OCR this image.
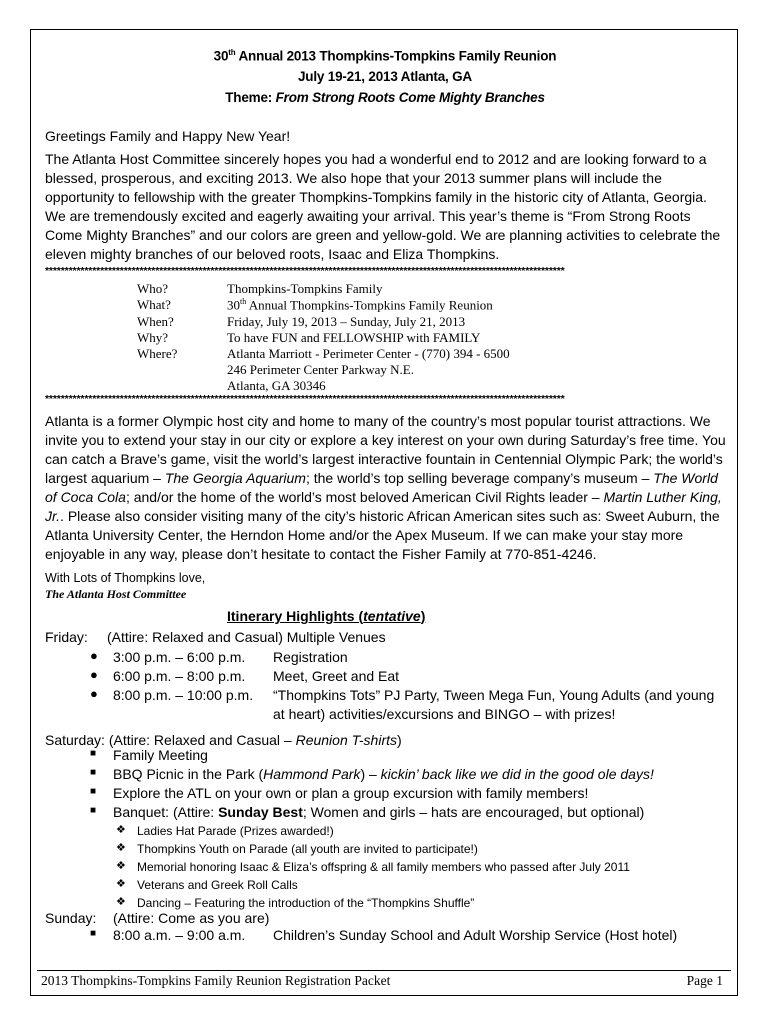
30th Annual 2013 Thompkins-Tompkins Family Reunion
July 19-21, 2013 Atlanta, GA
Theme: From Strong Roots Come Mighty Branches
Greetings Family and Happy New Year!
The Atlanta Host Committee sincerely hopes you had a wonderful end to 2012 and are looking forward to a
blessed, prosperous, and exciting 2013. We also hope that your 2013 summer plans will include the
opportunity to fellowship with the greater Thompkins-Tompkins family in the historic city of Atlanta, Georgia.
We are tremendously excited and eagerly awaiting your arrival. This year’s theme is “From Strong Roots
Come Mighty Branches” and our colors are green and yellow-gold. We are planning activities to celebrate the
eleven mighty branches of our beloved roots, Isaac and Eliza Thompkins.
************************************************************************************************************************************
Who?	Thompkins-Tompkins Family
What?	30th Annual Thompkins-Tompkins Family Reunion
When?	Friday, July 19, 2013 – Sunday, July 21, 2013
Why?	To have FUN and FELLOWSHIP with FAMILY
Where?	Atlanta Marriott - Perimeter Center - (770) 394 - 6500
246 Perimeter Center Parkway N.E.
Atlanta, GA 30346
************************************************************************************************************************************
Atlanta is a former Olympic host city and home to many of the country’s most popular tourist attractions. We
invite you to extend your stay in our city or explore a key interest on your own during Saturday’s free time. You
can catch a Brave’s game, visit the world’s largest interactive fountain in Centennial Olympic Park; the world’s
largest aquarium – The Georgia Aquarium; the world’s top selling beverage company’s museum – The World
of Coca Cola; and/or the home of the world’s most beloved American Civil Rights leader – Martin Luther King,
Jr.. Please also consider visiting many of the city’s historic African American sites such as: Sweet Auburn, the
Atlanta University Center, the Herndon Home and/or the Apex Museum. If we can make your stay more
enjoyable in any way, please don’t hesitate to contact the Fisher Family at 770-851-4246.
With Lots of Thompkins love,
The Atlanta Host Committee
Itinerary Highlights (tentative)
Friday: (Attire: Relaxed and Casual) Multiple Venues
● 3:00 p.m. – 6:00 p.m. Registration
● 6:00 p.m. – 8:00 p.m. Meet, Greet and Eat
● 8:00 p.m. – 10:00 p.m. “Thompkins Tots” PJ Party, Tween Mega Fun, Young Adults (and young
at heart) activities/excursions and BINGO – with prizes!
Saturday: (Attire: Relaxed and Casual – Reunion T-shirts)
■ Family Meeting
■ BBQ Picnic in the Park (Hammond Park) – kickin’ back like we did in the good ole days!
■ Explore the ATL on your own or plan a group excursion with family members!
■ Banquet: (Attire: Sunday Best; Women and girls – hats are encouraged, but optional)
❖ Ladies Hat Parade (Prizes awarded!)
❖ Thompkins Youth on Parade (all youth are invited to participate!)
❖ Memorial honoring Isaac & Eliza’s offspring & all family members who passed after July 2011
❖ Veterans and Greek Roll Calls
❖ Dancing – Featuring the introduction of the “Thompkins Shuffle”
Sunday: (Attire: Come as you are)
■ 8:00 a.m. – 9:00 a.m. Children’s Sunday School and Adult Worship Service (Host hotel)
2013 Thompkins-Tompkins Family Reunion Registration Packet	Page 1
